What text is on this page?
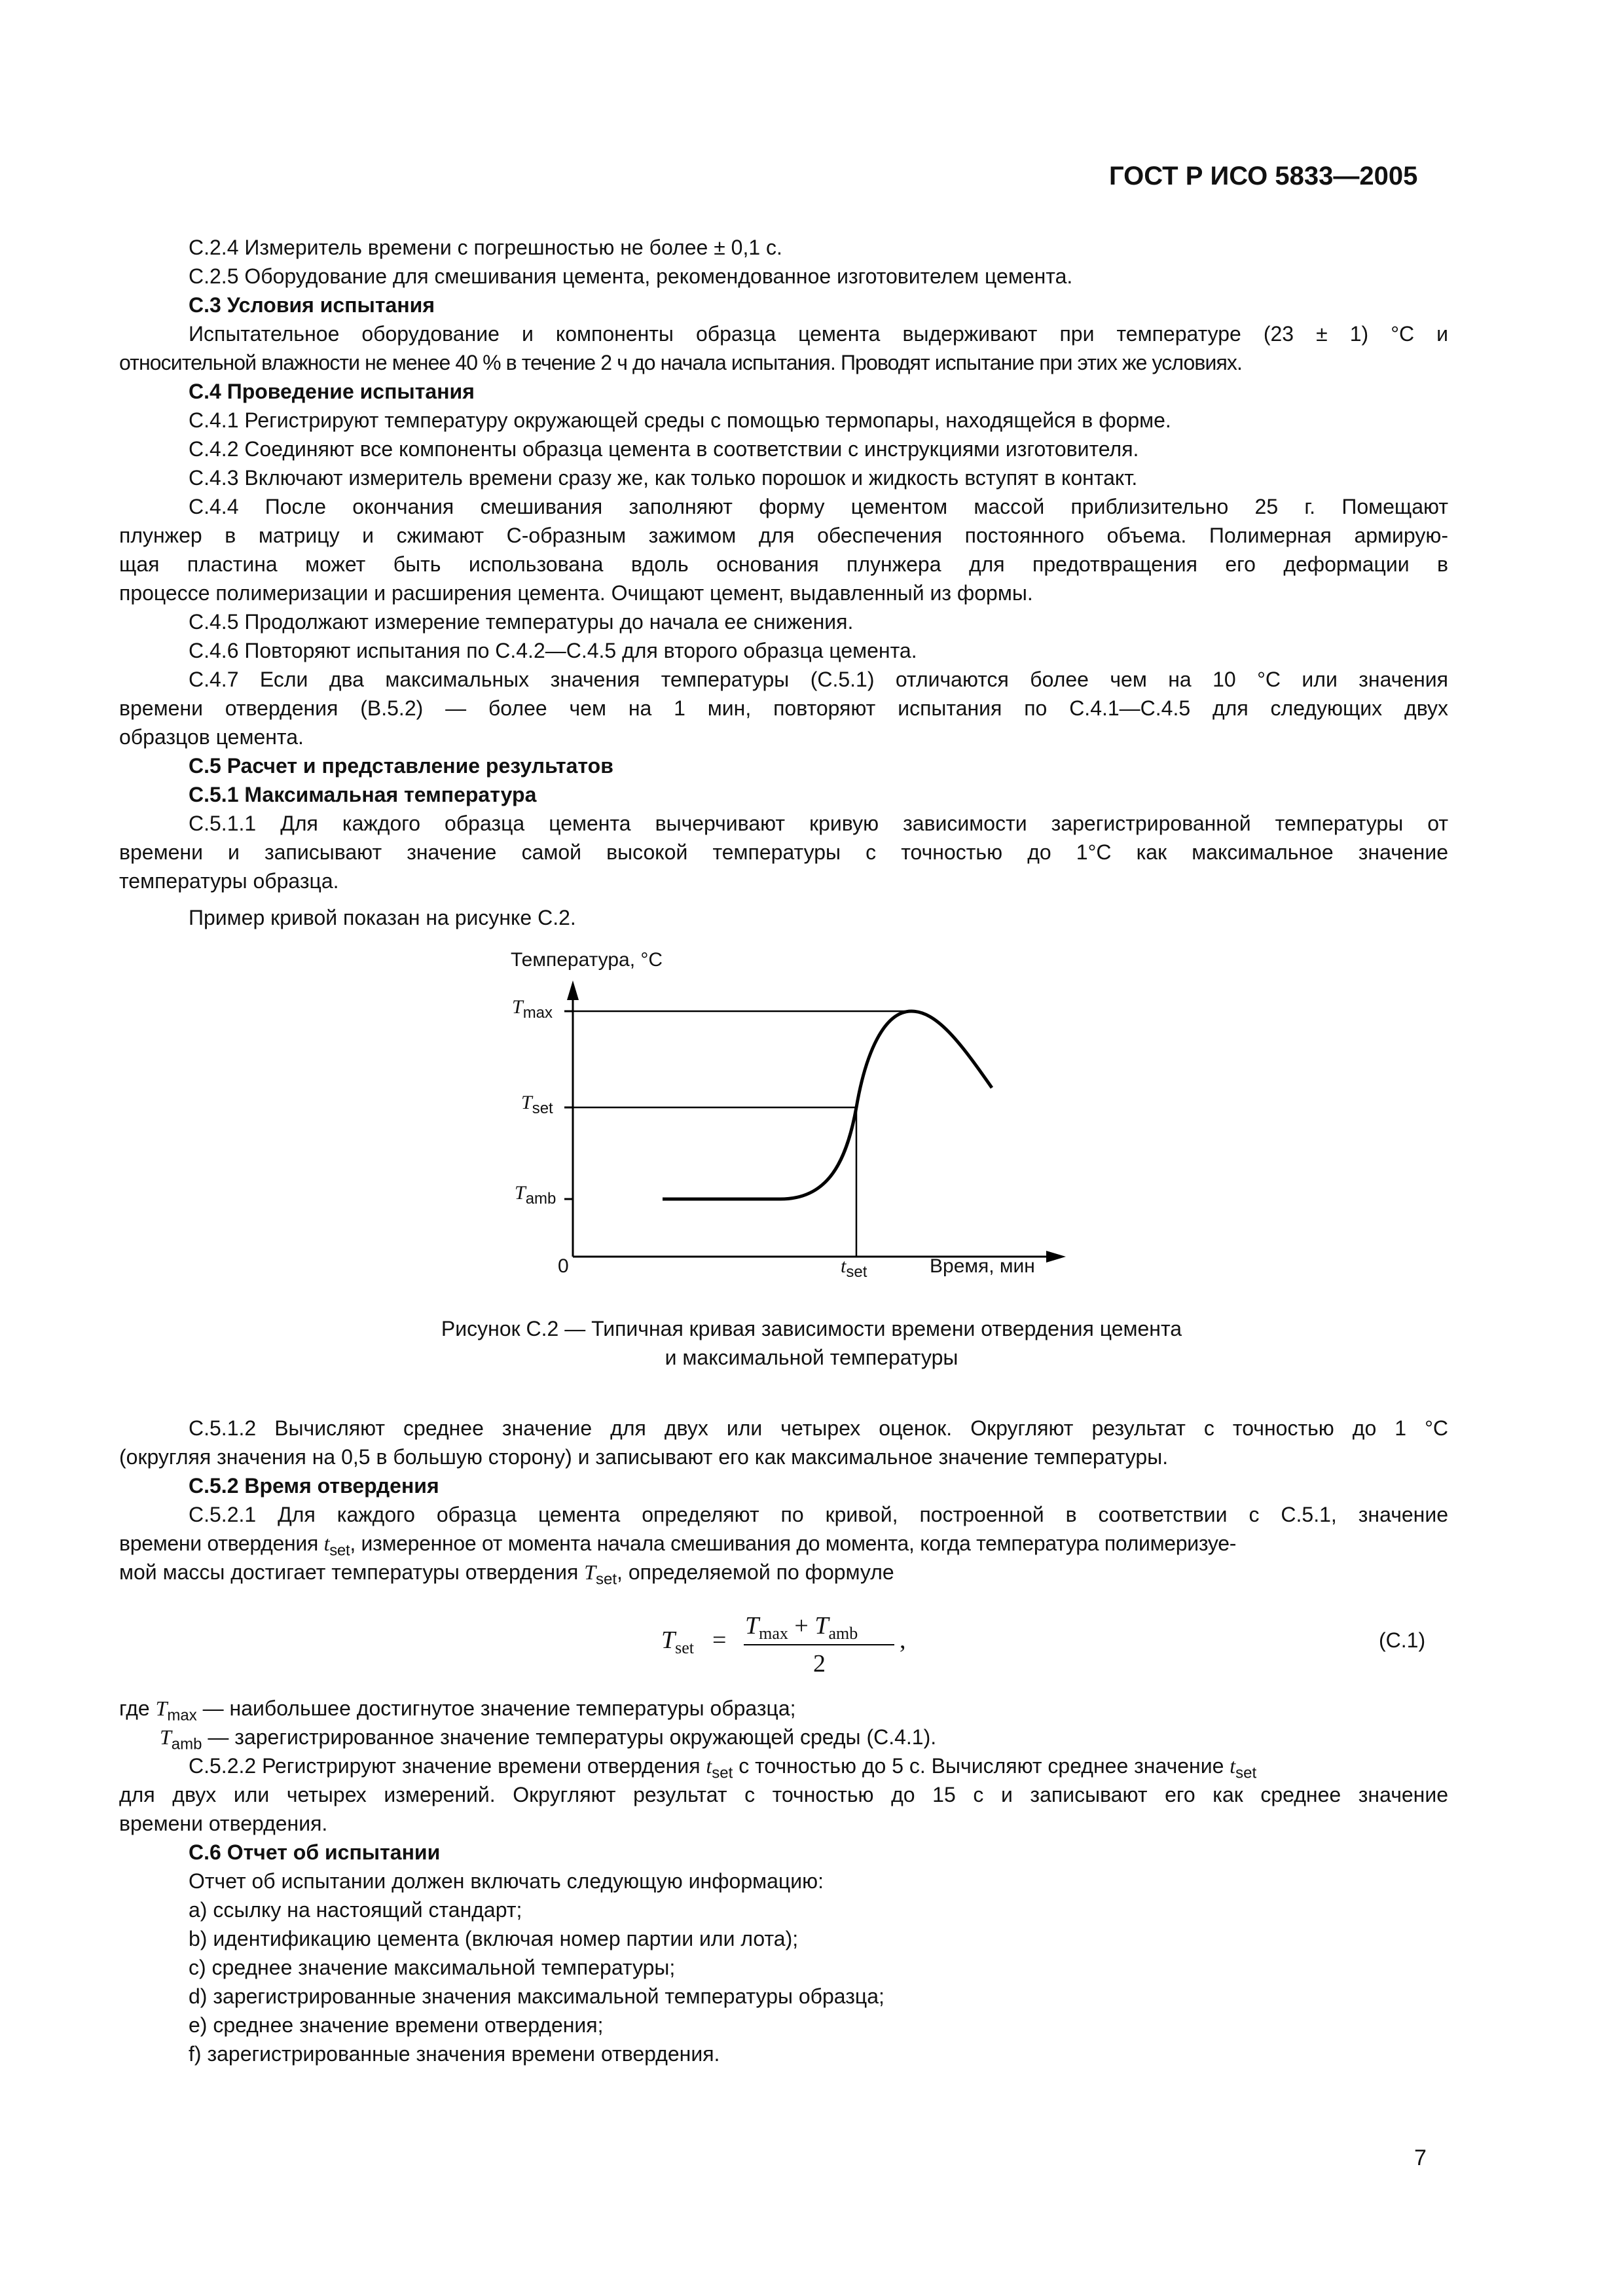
ГОСТ Р ИСО 5833—2005
С.2.4 Измеритель времени с погрешностью не более ± 0,1 с.
С.2.5 Оборудование для смешивания цемента, рекомендованное изготовителем цемента.
С.3 Условия испытания
Испытательное оборудование и компоненты образца цемента выдерживают при температуре (23 ± 1) °С и
относительной влажности не менее 40 % в течение 2 ч до начала испытания. Проводят испытание при этих же условиях.
С.4 Проведение испытания
С.4.1 Регистрируют температуру окружающей среды с помощью термопары, находящейся в форме.
С.4.2 Соединяют все компоненты образца цемента в соответствии с инструкциями изготовителя.
С.4.3 Включают измеритель времени сразу же, как только порошок и жидкость вступят в контакт.
С.4.4 После окончания смешивания заполняют форму цементом массой приблизительно 25 г. Помещают
плунжер в матрицу и сжимают С-образным зажимом для обеспечения постоянного объема. Полимерная армирую-
щая пластина может быть использована вдоль основания плунжера для предотвращения его деформации в
процессе полимеризации и расширения цемента. Очищают цемент, выдавленный из формы.
С.4.5 Продолжают измерение температуры до начала ее снижения.
С.4.6 Повторяют испытания по С.4.2—С.4.5 для второго образца цемента.
С.4.7 Если два максимальных значения температуры (С.5.1) отличаются более чем на 10 °С или значения
времени отвердения (В.5.2) — более чем на 1 мин, повторяют испытания по С.4.1—С.4.5 для следующих двух
образцов цемента.
С.5 Расчет и представление результатов
С.5.1 Максимальная температура
С.5.1.1 Для каждого образца цемента вычерчивают кривую зависимости зарегистрированной температуры от
времени и записывают значение самой высокой температуры с точностью до 1°С как максимальное значение
температуры образца.
Пример кривой показан на рисунке С.2.
Температура, °С
$T_{max}$
$T_{set}$
$T_{amb}$
0	$t_{set}$	Время, мин
Рисунок С.2 — Типичная кривая зависимости времени отвердения цемента
и максимальной температуры
С.5.1.2 Вычисляют среднее значение для двух или четырех оценок. Округляют результат с точностью до 1 °С
(округляя значения на 0,5 в большую сторону) и записывают его как максимальное значение температуры.
С.5.2 Время отвердения
С.5.2.1 Для каждого образца цемента определяют по кривой, построенной в соответствии с С.5.1, значение
времени отвердения $t_{set}$, измеренное от момента начала смешивания до момента, когда температура полимеризуе-
мой массы достигает температуры отвердения $T_{set}$, определяемой по формуле
$T_{set}$ =
$T_{max} + T_{amb}$
2
,	(С.1)
где $T_{max}$ — наибольшее достигнутое значение температуры образца;
$T_{amb}$ — зарегистрированное значение температуры окружающей среды (С.4.1).
С.5.2.2 Регистрируют значение времени отвердения $t_{set}$ с точностью до 5 с. Вычисляют среднее значение $t_{set}$
для двух или четырех измерений. Округляют результат с точностью до 15 с и записывают его как среднее значение
времени отвердения.
С.6 Отчет об испытании
Отчет об испытании должен включать следующую информацию:
a) ссылку на настоящий стандарт;
b) идентификацию цемента (включая номер партии или лота);
c) среднее значение максимальной температуры;
d) зарегистрированные значения максимальной температуры образца;
e) среднее значение времени отвердения;
f) зарегистрированные значения времени отвердения.
7
